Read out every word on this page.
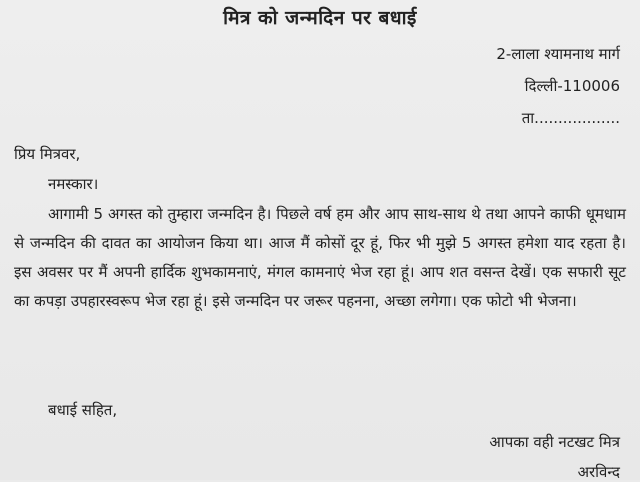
मित्र को जन्मदिन पर बधाई
2-लाला श्यामनाथ मार्ग
दिल्ली-110006
ता..................
प्रिय मित्रवर,
नमस्कार।
आगामी 5 अगस्त को तुम्हारा जन्मदिन है। पिछले वर्ष हम और आप साथ-साथ थे तथा आपने काफी धूमधाम से जन्मदिन की दावत का आयोजन किया था। आज मैं कोसों दूर हूं, फिर भी मुझे 5 अगस्त हमेशा याद रहता है। इस अवसर पर मैं अपनी हार्दिक शुभकामनाएं, मंगल कामनाएं भेज रहा हूं। आप शत वसन्त देखें। एक सफारी सूट का कपड़ा उपहारस्वरूप भेज रहा हूं। इसे जन्मदिन पर जरूर पहनना, अच्छा लगेगा। एक फोटो भी भेजना।
बधाई सहित,
आपका वही नटखट मित्र
अरविन्द
